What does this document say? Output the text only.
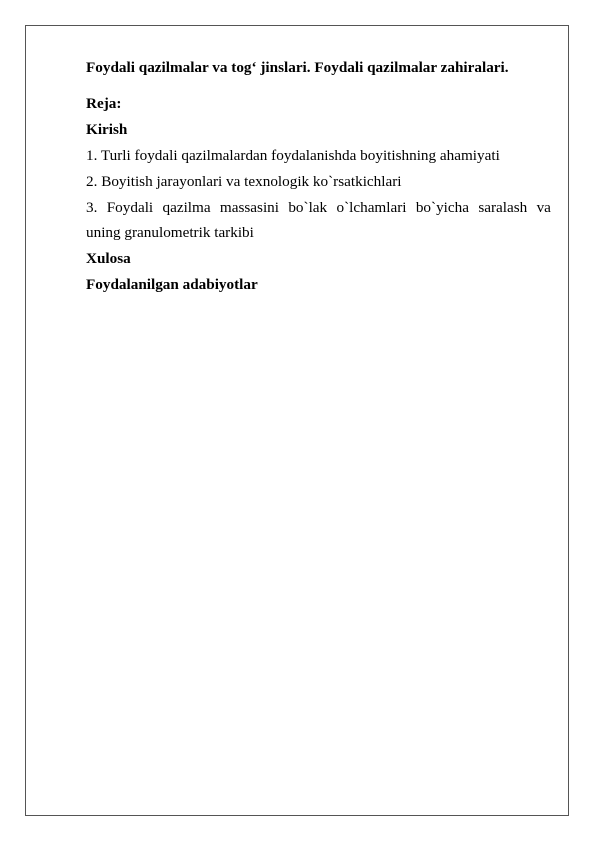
Foydali qazilmalar va tog‘ jinslari. Foydali qazilmalar zahiralari.
Reja:
Kirish
1. Turli foydali qazilmalardan foydalanishda boyitishning ahamiyati
2. Boyitish jarayonlari va texnologik ko`rsatkichlari
3. Foydali qazilma massasini bo`lak o`lchamlari bo`yicha saralash va
uning granulometrik tarkibi
Xulosa
Foydalanilgan adabiyotlar
